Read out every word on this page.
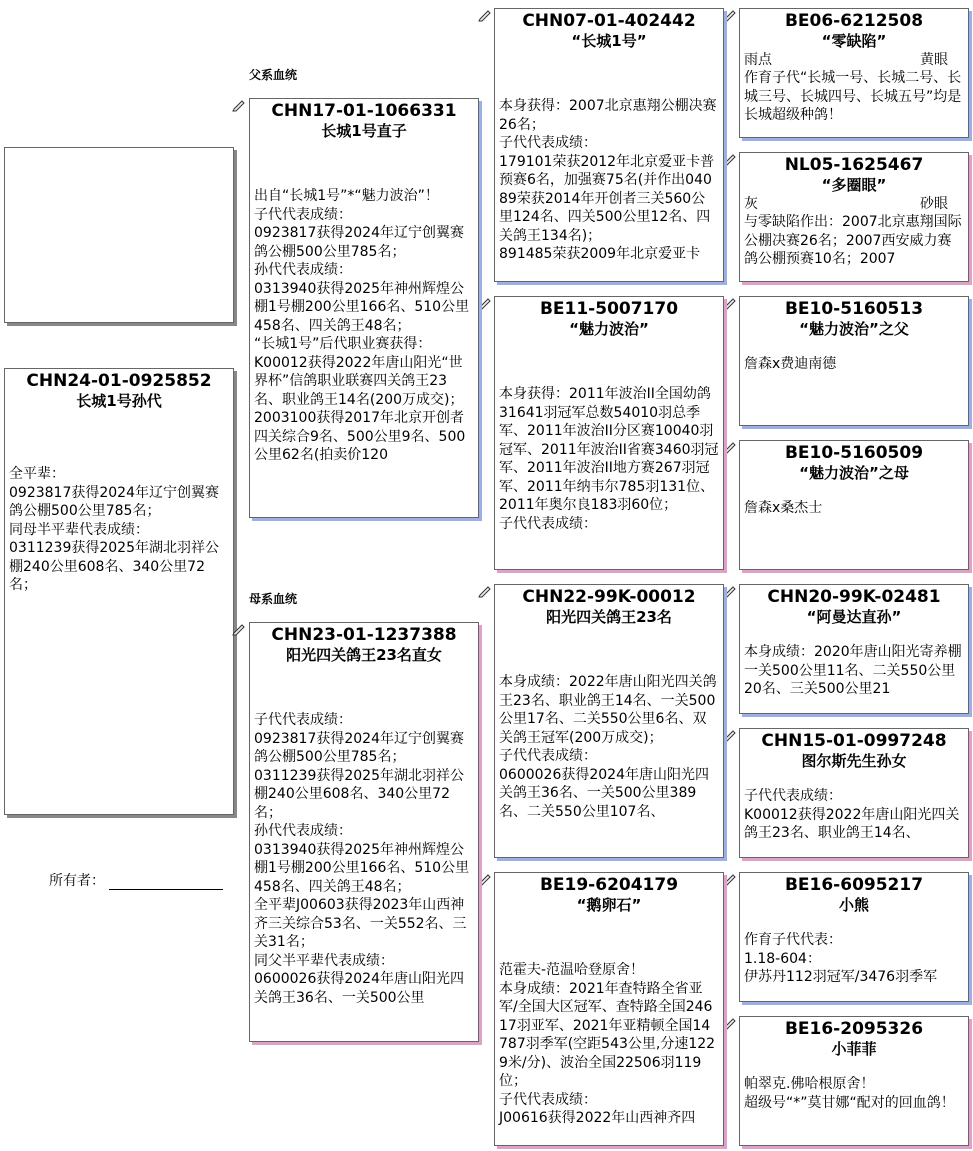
CHN24-01-0925852
长城1号孙代
全平辈：
0923817获得2024年辽宁创翼赛鸽公棚500公里785名；
同母半平辈代表成绩：
0311239获得2025年湖北羽祥公棚240公里608名、340公里72名；
所有者：
父系血统
母系血统
CHN17-01-1066331
长城1号直子
出自“长城1号”*“魅力波治”！
子代代表成绩：
0923817获得2024年辽宁创翼赛鸽公棚500公里785名；
孙代代表成绩：
0313940获得2025年神州辉煌公棚1号棚200公里166名、510公里458名、四关鸽王48名；
“长城1号”后代职业赛获得：
K00012获得2022年唐山阳光“世界杯”信鸽职业联赛四关鸽王23名、职业鸽王14名(200万成交)；
2003100获得2017年北京开创者四关综合9名、500公里9名、500公里62名(拍卖价120
CHN23-01-1237388
阳光四关鸽王23名直女
子代代表成绩：
0923817获得2024年辽宁创翼赛鸽公棚500公里785名；
0311239获得2025年湖北羽祥公棚240公里608名、340公里72名；
孙代代表成绩：
0313940获得2025年神州辉煌公棚1号棚200公里166名、510公里458名、四关鸽王48名；
全平辈J00603获得2023年山西神齐三关综合53名、一关552名、三关31名；
同父半平辈代表成绩：
0600026获得2024年唐山阳光四关鸽王36名、一关500公里
CHN07-01-402442
“长城1号”
本身获得：2007北京惠翔公棚决赛26名；
子代代表成绩：
179101荣获2012年北京爱亚卡普预赛6名，加强赛75名(并作出04089荣获2014年开创者三关560公里124名、四关500公里12名、四关鸽王134名)；
891485荣获2009年北京爱亚卡
BE11-5007170
“魅力波治”
本身获得：2011年波治II全国幼鸽31641羽冠军总数54010羽总季军、2011年波治II分区赛10040羽冠军、2011年波治II省赛3460羽冠军、2011年波治II地方赛267羽冠军、2011年纳韦尔785羽131位、2011年奥尔良183羽60位；
子代代表成绩：
CHN22-99K-00012
阳光四关鸽王23名
本身成绩：2022年唐山阳光四关鸽王23名、职业鸽王14名、一关500公里17名、二关550公里6名、双关鸽王冠军(200万成交)；
子代代表成绩：
0600026获得2024年唐山阳光四关鸽王36名、一关500公里389名、二关550公里107名、
BE19-6204179
“鹅卵石”
范霍夫-范温哈登原舍！
本身成绩：2021年查特路全省亚军/全国大区冠军、查特路全国24617羽亚军、2021年亚精顿全国14787羽季军(空距543公里,分速1229米/分)、波治全国22506羽119位；
子代代表成绩：
J00616获得2022年山西神齐四
BE06-6212508
“零缺陷”
雨点	黄眼
作育子代“长城一号、长城二号、长城三号、长城四号、长城五号”均是长城超级种鸽！
NL05-1625467
“多圈眼”
灰	砂眼
与零缺陷作出：2007北京惠翔国际公棚决赛26名；2007西安威力赛鸽公棚预赛10名；2007
BE10-5160513
“魅力波治”之父
詹森x费迪南德
BE10-5160509
“魅力波治”之母
詹森x桑杰士
CHN20-99K-02481
“阿曼达直孙”
本身成绩：2020年唐山阳光寄养棚一关500公里11名、二关550公里20名、三关500公里21
CHN15-01-0997248
图尔斯先生孙女
子代代表成绩：
K00012获得2022年唐山阳光四关鸽王23名、职业鸽王14名、
BE16-6095217
小熊
作育子代代表：
1.18-604：
伊苏丹112羽冠军/3476羽季军
BE16-2095326
小菲菲
帕翠克.佛哈根原舍！
超级号“*”莫甘娜“配对的回血鸽！
